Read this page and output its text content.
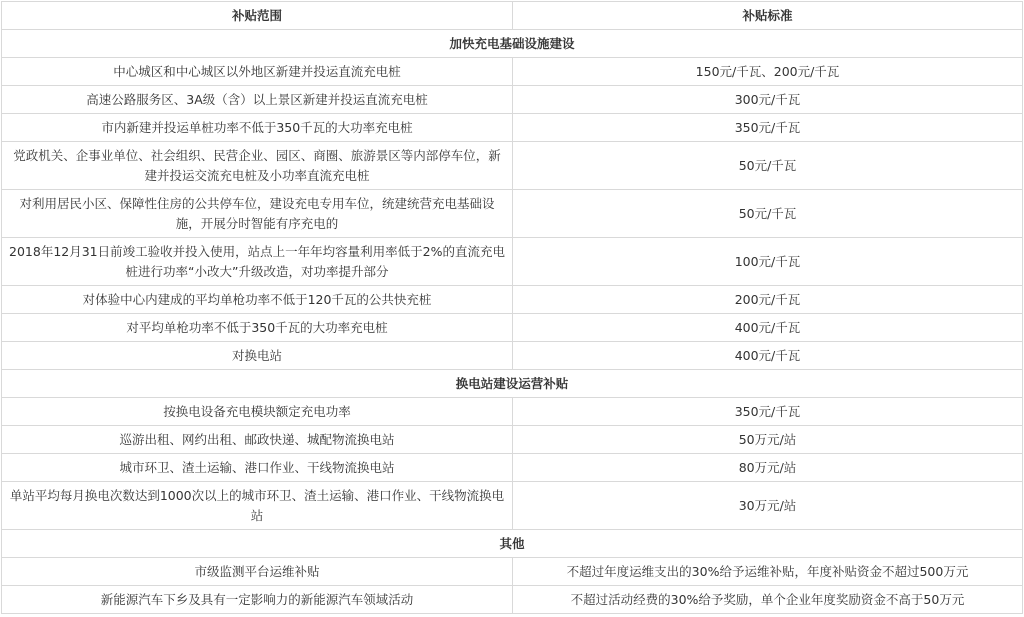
补贴范围	补贴标准
加快充电基础设施建设	
中心城区和中心城区以外地区新建并投运直流充电桩	150元/千瓦、200元/千瓦
高速公路服务区、3A级（含）以上景区新建并投运直流充电桩	300元/千瓦
市内新建并投运单桩功率不低于350千瓦的大功率充电桩	350元/千瓦
党政机关、企事业单位、社会组织、民营企业、园区、商圈、旅游景区等内部停车位，新建并投运交流充电桩及小功率直流充电桩	50元/千瓦
对利用居民小区、保障性住房的公共停车位，建设充电专用车位，统建统营充电基础设施，开展分时智能有序充电的	50元/千瓦
2018年12月31日前竣工验收并投入使用，站点上一年年均容量利用率低于2%的直流充电桩进行功率“小改大”升级改造，对功率提升部分	100元/千瓦
对体验中心内建成的平均单枪功率不低于120千瓦的公共快充桩	200元/千瓦
对平均单枪功率不低于350千瓦的大功率充电桩	400元/千瓦
对换电站	400元/千瓦
换电站建设运营补贴	
按换电设备充电模块额定充电功率	350元/千瓦
巡游出租、网约出租、邮政快递、城配物流换电站	50万元/站
城市环卫、渣土运输、港口作业、干线物流换电站	80万元/站
单站平均每月换电次数达到1000次以上的城市环卫、渣土运输、港口作业、干线物流换电站	30万元/站
其他	
市级监测平台运维补贴	不超过年度运维支出的30%给予运维补贴，年度补贴资金不超过500万元
新能源汽车下乡及具有一定影响力的新能源汽车领域活动	不超过活动经费的30%给予奖励，单个企业年度奖励资金不高于50万元
